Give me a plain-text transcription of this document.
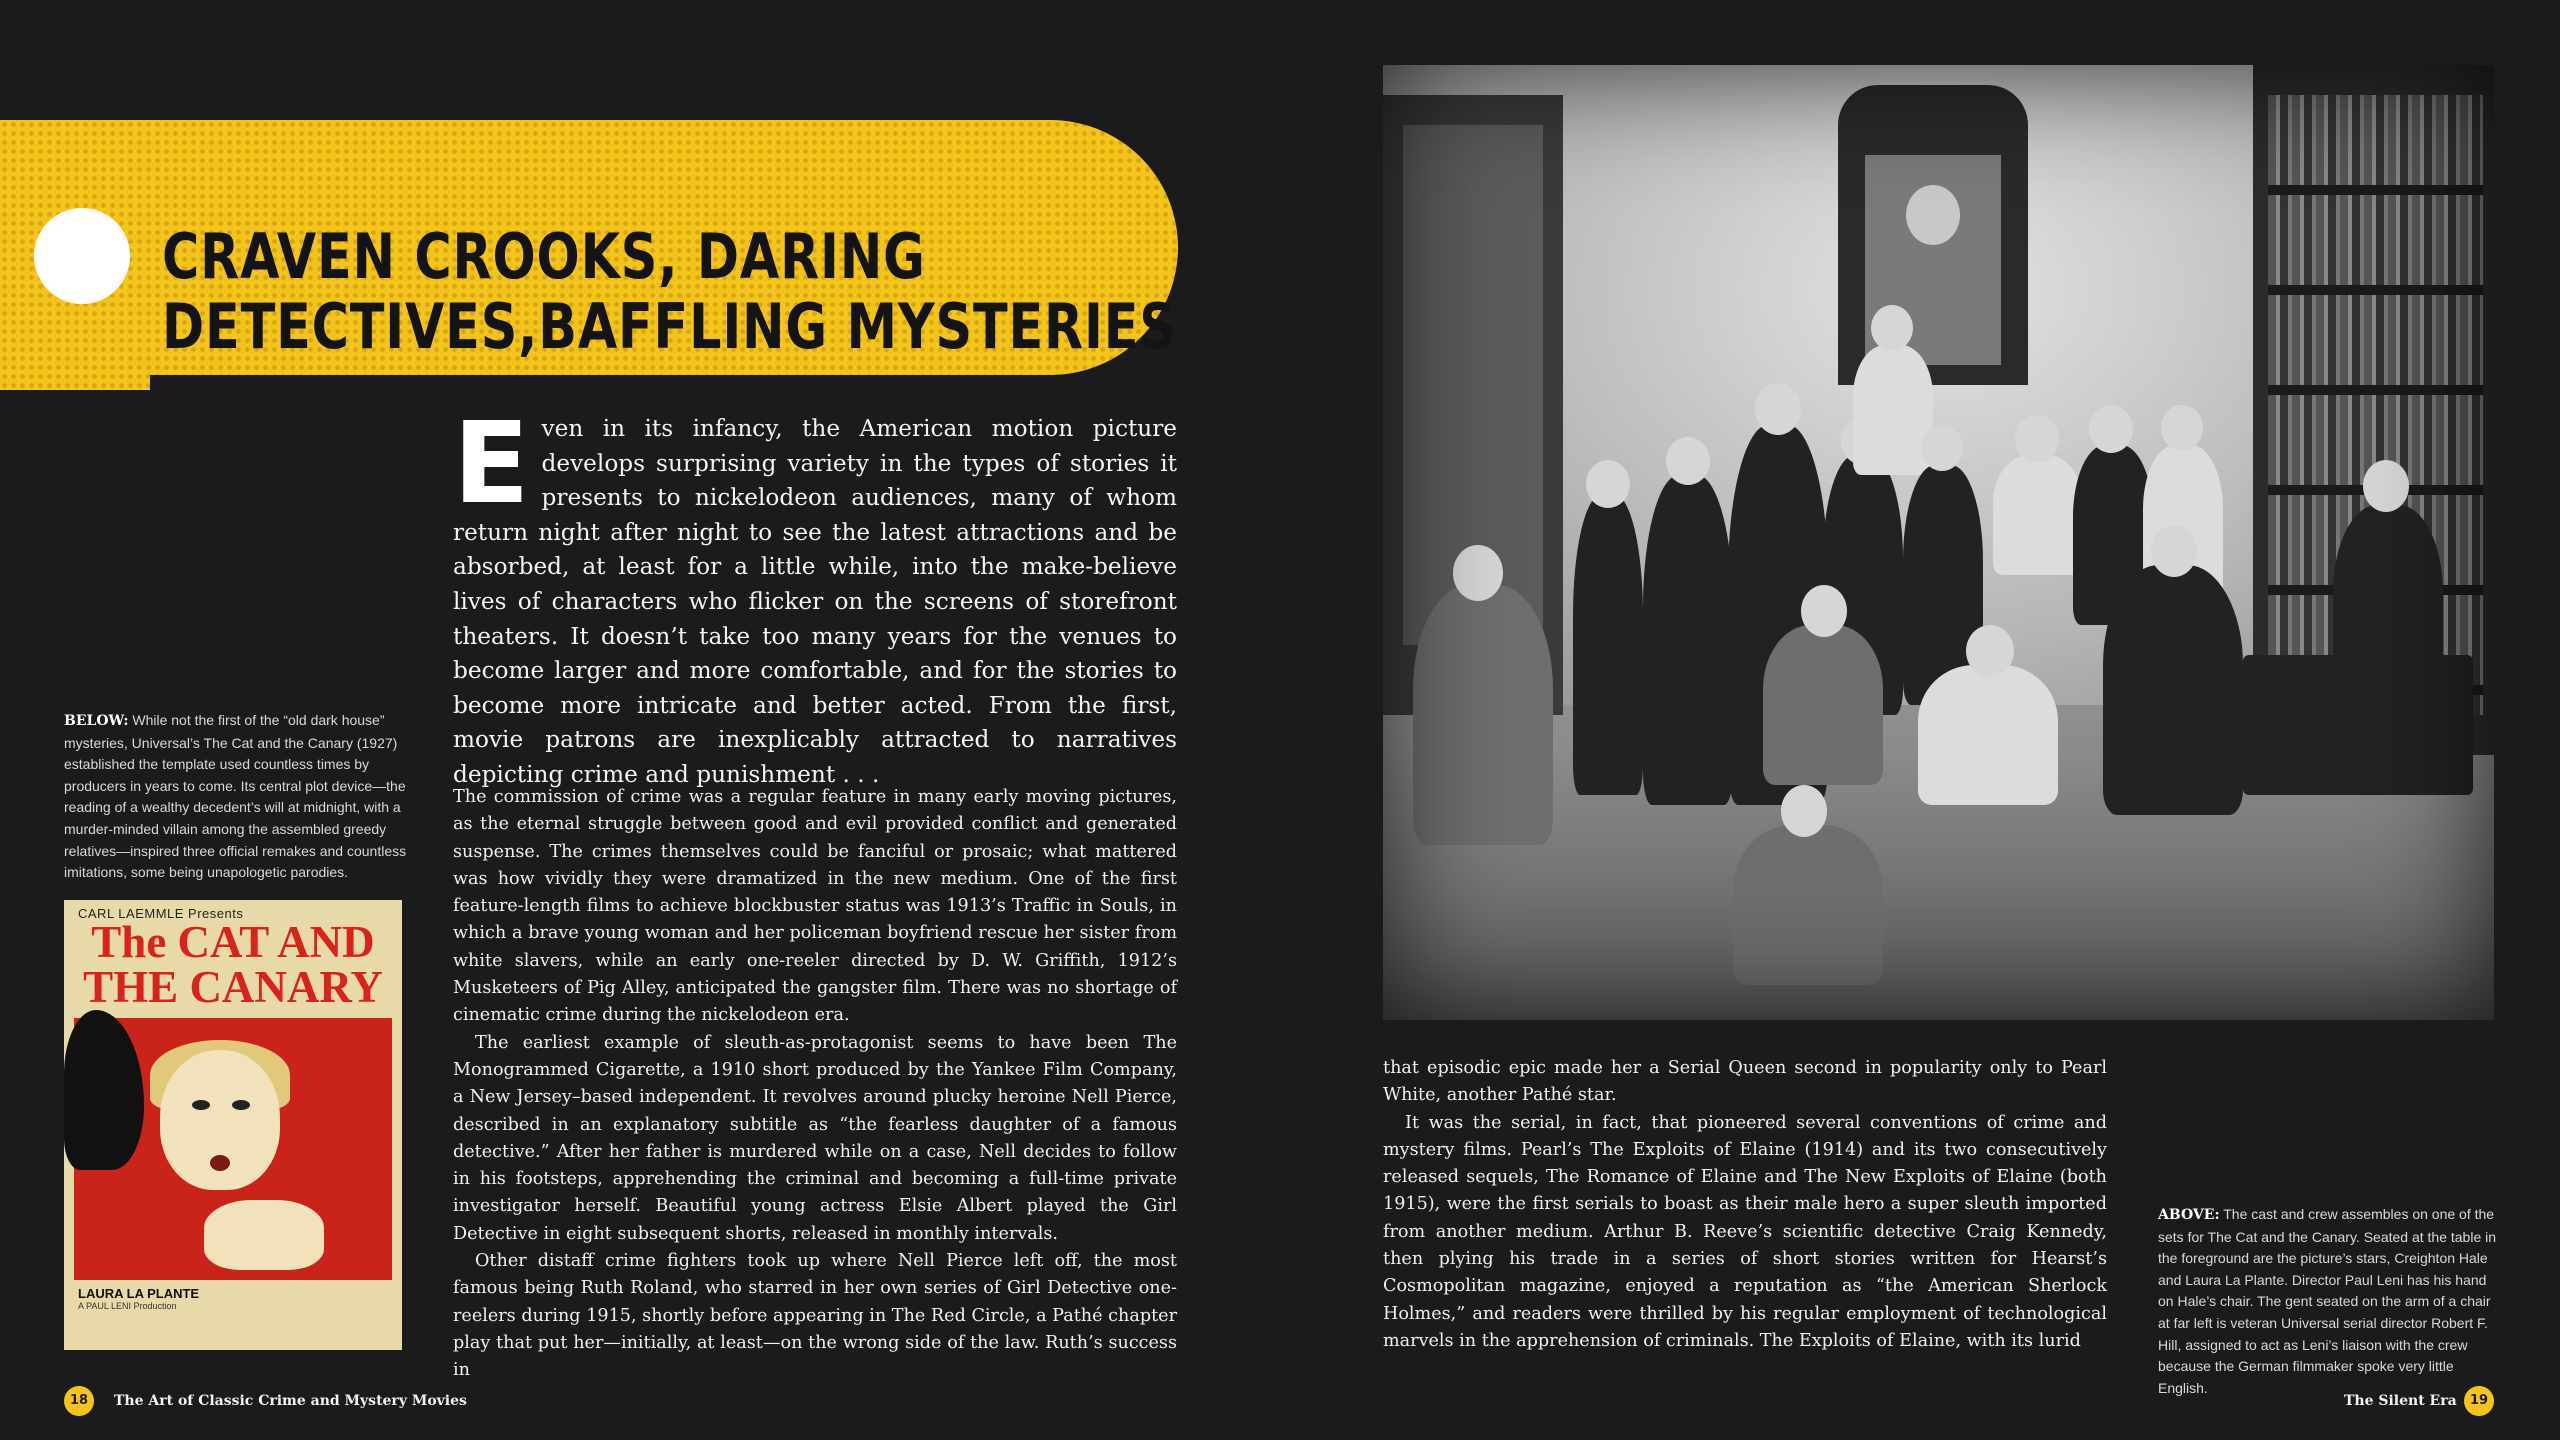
CRAVEN CROOKS, DARING
DETECTIVES,BAFFLING MYSTERIES
E ven in its infancy, the American motion picture develops surprising variety in the types of stories it presents to nickelodeon audiences, many of whom return night after night to see the latest attractions and be absorbed, at least for a little while, into the make-believe lives of characters who flicker on the screens of storefront theaters. It doesn’t take too many years for the venues to become larger and more comfortable, and for the stories to become more intricate and better acted. From the first, movie patrons are inexplicably attracted to narratives depicting crime and punishment . . .

The commission of crime was a regular feature in many early moving pictures, as the eternal struggle between good and evil provided conflict and generated suspense. The crimes themselves could be fanciful or prosaic; what mattered was how vividly they were dramatized in the new medium. One of the first feature-length films to achieve blockbuster status was 1913’s Traffic in Souls, in which a brave young woman and her policeman boyfriend rescue her sister from white slavers, while an early one-reeler directed by D. W. Griffith, 1912’s Musketeers of Pig Alley, anticipated the gangster film. There was no shortage of cinematic crime during the nickelodeon era.

The earliest example of sleuth-as-protagonist seems to have been The Monogrammed Cigarette, a 1910 short produced by the Yankee Film Company, a New Jersey–based independent. It revolves around plucky heroine Nell Pierce, described in an explanatory subtitle as “the fearless daughter of a famous detective.” After her father is murdered while on a case, Nell decides to follow in his footsteps, apprehending the criminal and becoming a full-time private investigator herself. Beautiful young actress Elsie Albert played the Girl Detective in eight subsequent shorts, released in monthly intervals.

Other distaff crime fighters took up where Nell Pierce left off, the most famous being Ruth Roland, who starred in her own series of Girl Detective one-reelers during 1915, shortly before appearing in The Red Circle, a Pathé chapter play that put her—initially, at least—on the wrong side of the law. Ruth’s success in

BELOW: While not the first of the “old dark house” mysteries, Universal’s The Cat and the Canary (1927) established the template used countless times by producers in years to come. Its central plot device—the reading of a wealthy decedent’s will at midnight, with a murder-minded villain among the assembled greedy relatives—inspired three official remakes and countless imitations, some being unapologetic parodies.
CARL LAEMMLE Presents
The CAT AND
THE CANARY
LAURA LA PLANTE
A PAUL LENI Production

that episodic epic made her a Serial Queen second in popularity only to Pearl White, another Pathé star.

It was the serial, in fact, that pioneered several conventions of crime and mystery films. Pearl’s The Exploits of Elaine (1914) and its two consecutively released sequels, The Romance of Elaine and The New Exploits of Elaine (both 1915), were the first serials to boast as their male hero a super sleuth imported from another medium. Arthur B. Reeve’s scientific detective Craig Kennedy, then plying his trade in a series of short stories written for Hearst’s Cosmopolitan magazine, enjoyed a reputation as “the American Sherlock Holmes,” and readers were thrilled by his regular employment of technological marvels in the apprehension of criminals. The Exploits of Elaine, with its lurid

ABOVE: The cast and crew assembles on one of the sets for The Cat and the Canary. Seated at the table in the foreground are the picture’s stars, Creighton Hale and Laura La Plante. Director Paul Leni has his hand on Hale’s chair. The gent seated on the arm of a chair at far left is veteran Universal serial director Robert F. Hill, assigned to act as Leni’s liaison with the crew because the German filmmaker spoke very little English.
18	The Art of Classic Crime and Mystery Movies	The Silent Era	19
